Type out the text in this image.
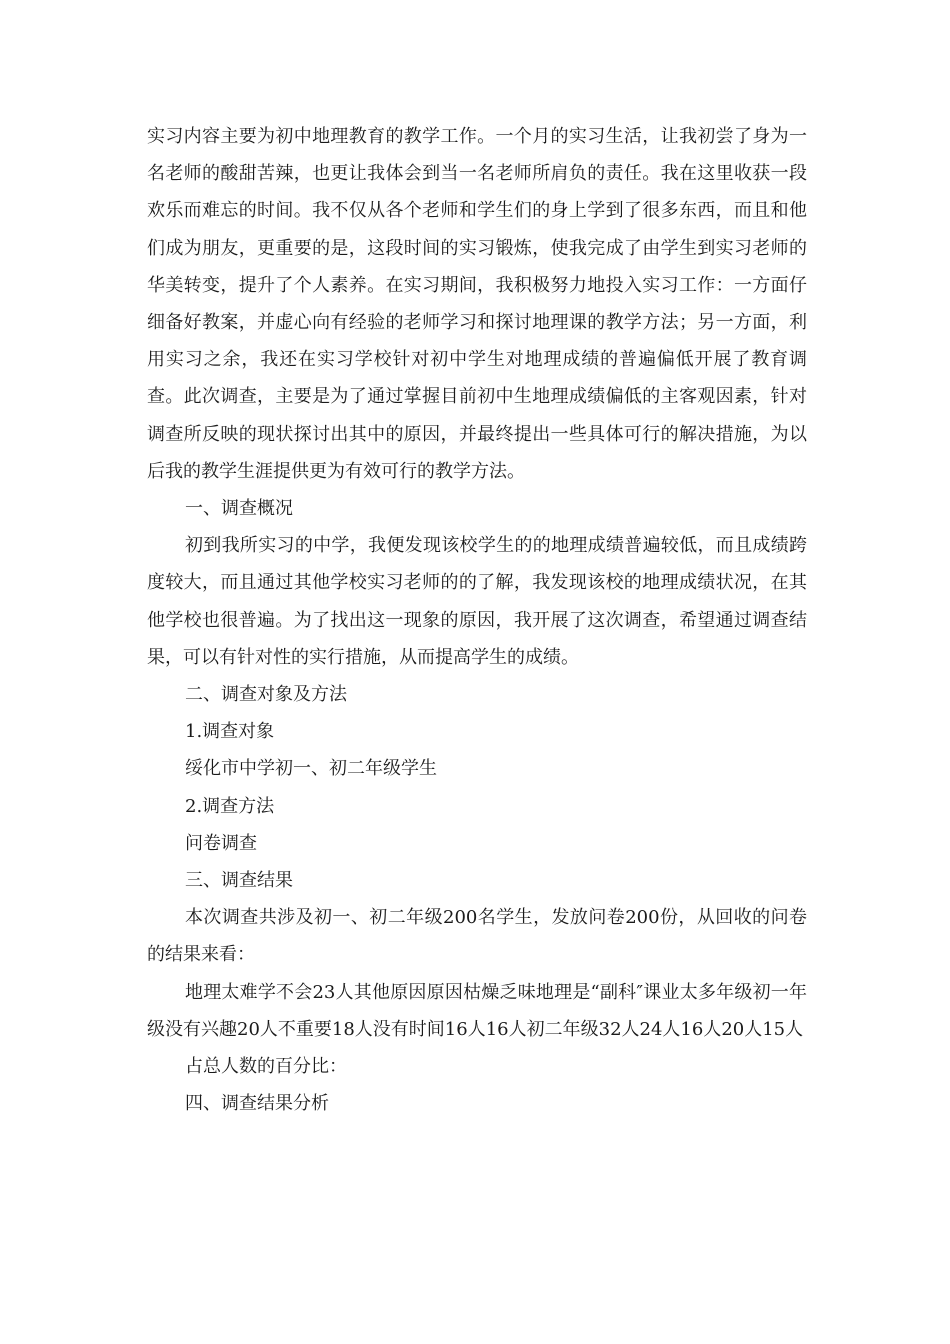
实习内容主要为初中地理教育的教学工作。一个月的实习生活，让我初尝了身为一名老师的酸甜苦辣，也更让我体会到当一名老师所肩负的责任。我在这里收获一段欢乐而难忘的时间。我不仅从各个老师和学生们的身上学到了很多东西，而且和他们成为朋友，更重要的是，这段时间的实习锻炼，使我完成了由学生到实习老师的华美转变，提升了个人素养。在实习期间，我积极努力地投入实习工作：一方面仔细备好教案，并虚心向有经验的老师学习和探讨地理课的教学方法；另一方面，利用实习之余，我还在实习学校针对初中学生对地理成绩的普遍偏低开展了教育调查。此次调查，主要是为了通过掌握目前初中生地理成绩偏低的主客观因素，针对调查所反映的现状探讨出其中的原因，并最终提出一些具体可行的解决措施，为以后我的教学生涯提供更为有效可行的教学方法。

一、调查概况

初到我所实习的中学，我便发现该校学生的的地理成绩普遍较低，而且成绩跨度较大，而且通过其他学校实习老师的的了解，我发现该校的地理成绩状况，在其他学校也很普遍。为了找出这一现象的原因，我开展了这次调查，希望通过调查结果，可以有针对性的实行措施，从而提高学生的成绩。

二、调查对象及方法

1.调查对象

绥化市中学初一、初二年级学生

2.调查方法

问卷调查

三、调查结果

本次调查共涉及初一、初二年级200名学生，发放问卷200份，从回收的问卷的结果来看：

地理太难学不会23人其他原因原因枯燥乏味地理是“副科″课业太多年级初一年级没有兴趣20人不重要18人没有时间16人16人初二年级32人24人16人20人15人

占总人数的百分比：

四、调查结果分析
